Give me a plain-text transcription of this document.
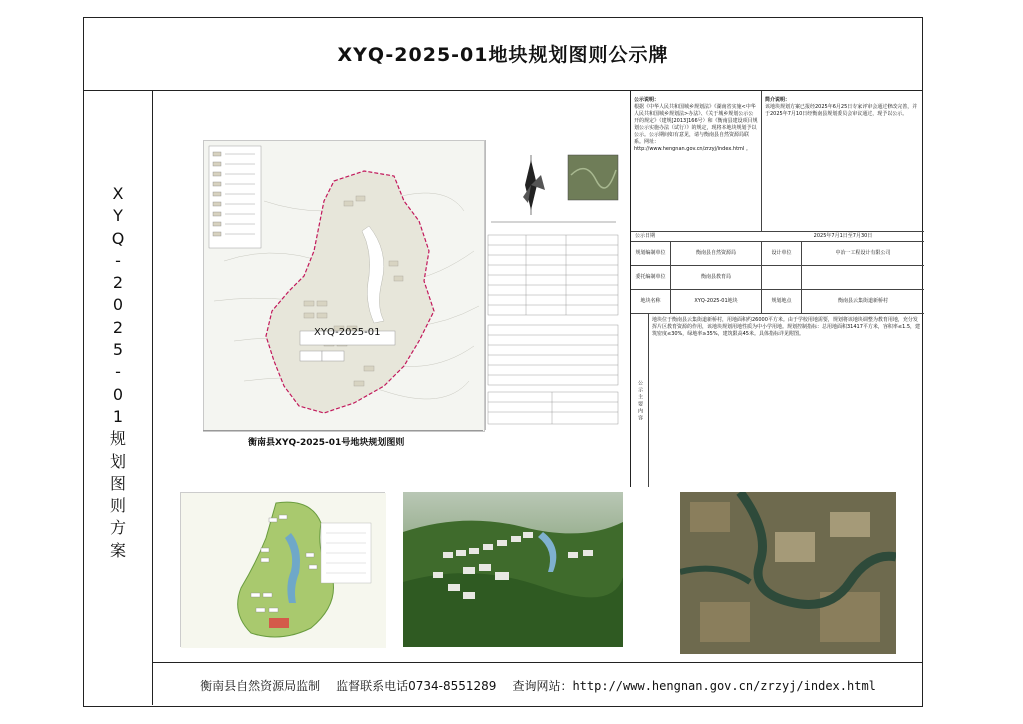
XYQ-2025-01地块规划图则公示牌
X
Y
Q
-
2
0
2
5
-
0
1
规
划
图
则
方
案
XYQ-2025-01
衡南县XYQ-2025-01号地块规划图则
公示说明：
根据《中华人民共和国城乡规划法》《湖南省实施<中华人民共和国城乡规划法>办法》、《关于城乡规划公示公开的规定》（建规[2013]166号）和《衡南县建设项目规划公示实施办法（试行）》的规定，现将本地块规划予以公示。公示期间如有意见，请与衡南县自然资源局联系。网址：http://www.hengnan.gov.cn/zrzyj/index.html 。
简介说明：
该地块规划方案已报经2025年6月25日专家评审会通过修改完善，并于2025年7月10日经衡南县规划委员会审议通过，现予以公示。
公示日期	2025年7月1日至7月30日
规划编制单位	衡南县自然资源局	设计单位	中冶一工程设计有限公司
委托编制单位	衡南县教育局
地块名称	XYQ-2025-01地块	规划地点	衡南县云集街道新桥村
公示主要内容
地块位于衡南县云集街道新桥村，用地面积约26000平方米。由于学校用地需要，规划将该地块调整为教育用地，充分发挥片区教育资源的作用，该地块规划用地性质为中小学用地。规划控制指标：总用地面积31417平方米，容积率≤1.5，建筑密度≤30%，绿地率≥35%，建筑限高45米。具体指标详见附图。
衡南县自然资源局监制 监督联系电话0734-8551289 查询网站：http://www.hengnan.gov.cn/zrzyj/index.html
